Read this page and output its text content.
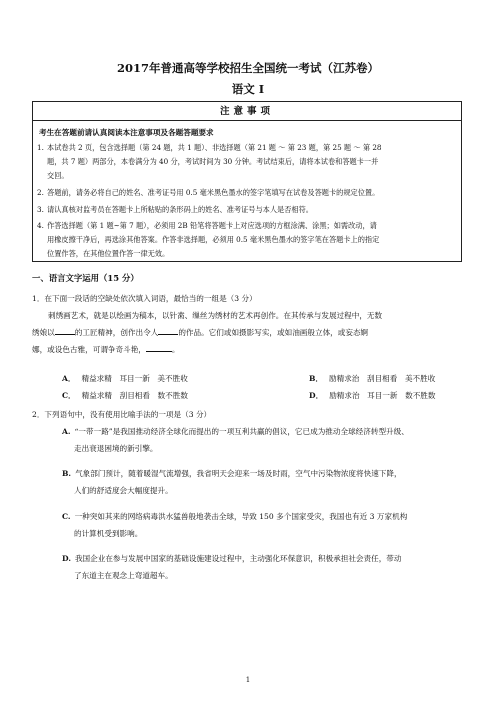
2017年普通高等学校招生全国统一考试（江苏卷）
语文 I
注意事项
考生在答题前请认真阅读本注意事项及各题答题要求
1. 本试卷共 2 页，包含选择题（第 24 题，共 1 题）、非选择题（第 21 题 ～ 第 23 题，第 25 题 ～ 第 28
题，共 7 题）两部分，本卷满分为 40 分，考试时间为 30 分钟。考试结束后，请将本试卷和答题卡一并
交回。
2. 答题前，请务必将自己的姓名、准考证号用 0.5 毫米黑色墨水的签字笔填写在试卷及答题卡的规定位置。
3. 请认真核对监考员在答题卡上所粘贴的条形码上的姓名、准考证号与本人是否相符。
4. 作答选择题（第 1 题~第 7 题），必须用 2B 铅笔将答题卡上对应选项的方框涂满、涂黑；如需改动，请
用橡皮擦干净后，再选涂其他答案。作答非选择题，必须用 0.5 毫米黑色墨水的签字笔在答题卡上的指定
位置作答，在其他位置作答一律无效。
一、语言文字运用（15 分）
1．在下面一段话的空缺处依次填入词语，最恰当的一组是（3 分）
刺绣画艺术，就是以绘画为稿本，以针黹、缫丝为绣材的艺术再创作。在其传承与发展过程中，无数
绣娘以	的工匠精神，创作出令人	的作品。它们或如摄影写实，或如油画般立体，或妄态婀
娜，或设色古雅，可谓争奇斗艳，	。
A． 精益求精　耳目一新　美不胜收	B． 励精求治　刮目相看　美不胜收
C． 精益求精　刮目相看　数不胜数	D． 励精求治　耳目一新　数不胜数
2．下列语句中，没有使用比喻手法的一项是（3 分）
A. “一带一路”是我国推动经济全球化而提出的一项互利共赢的倡议，它已成为推动全球经济转型升级、
走出衰退困境的新引擎。
B. 气象部门预计，随着暖湿气流增强，我省明天会迎来一场及时雨，空气中污染物浓度将快速下降，
人们的舒适度会大幅度提升。
C. 一种突如其来的网络病毒洪水猛兽般地袭击全球，导致 150 多个国家受灾，我国也有近 3 万家机构
的计算机受到影响。
D. 我国企业在参与发展中国家的基础设施建设过程中，主动强化环保意识，积极承担社会责任，带动
了东道主在观念上弯道超车。
1
